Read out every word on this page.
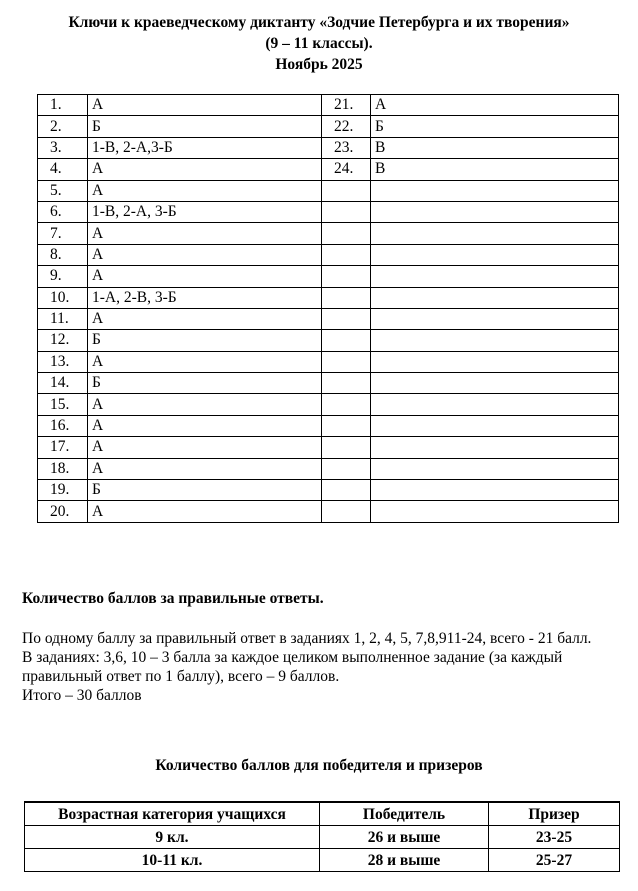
Ключи к краеведческому диктанту «Зодчие Петербурга и их творения»
(9 – 11 классы).
Ноябрь 2025
1.	А	21.	А
2.	Б	22.	Б
3.	1-В, 2-А,3-Б	23.	В
4.	А	24.	В
5.	А		
6.	1-В, 2-А, 3-Б		
7.	А		
8.	А		
9.	А		
10.	1-А, 2-В, 3-Б		
11.	А		
12.	Б		
13.	А		
14.	Б		
15.	А		
16.	А		
17.	А		
18.	А		
19.	Б		
20.	А		
Количество баллов за правильные ответы.
По одному баллу за правильный ответ в заданиях 1, 2, 4, 5, 7,8,911-24, всего - 21 балл.
В заданиях: 3,6, 10 – 3 балла за каждое целиком выполненное задание (за каждый правильный ответ по 1 баллу), всего – 9 баллов.
Итого – 30 баллов
Количество баллов для победителя и призеров
Возрастная категория учащихся	Победитель	Призер
9 кл.	26 и выше	23-25
10-11 кл.	28 и выше	25-27
